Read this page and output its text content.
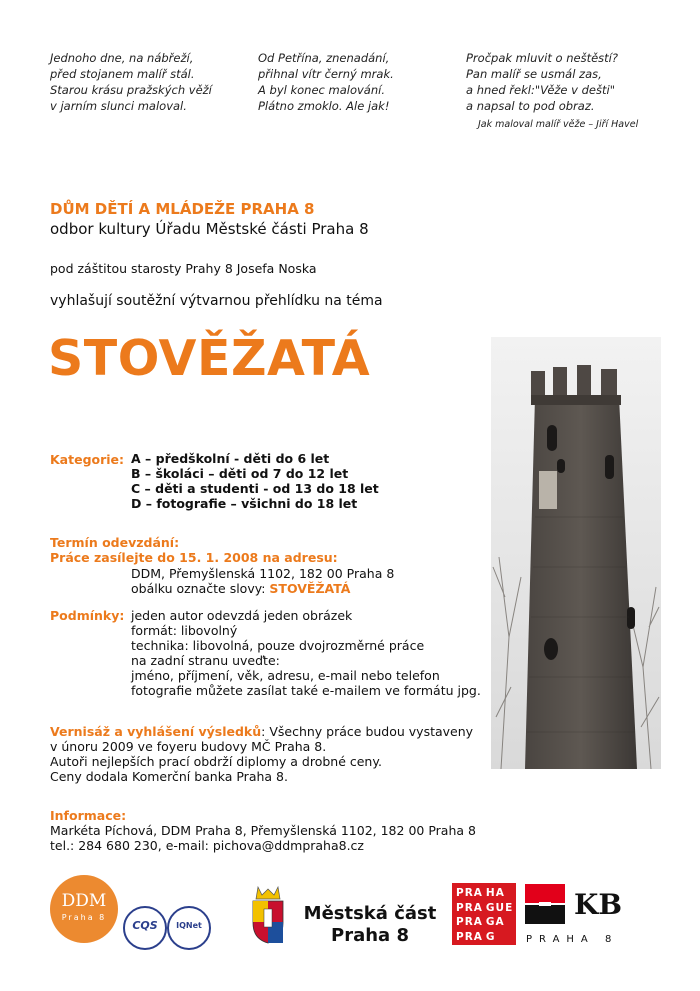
Jednoho dne, na nábřeží,
před stojanem malíř stál.
Starou krásu pražských věží
v jarním slunci maloval.
Od Petřína, znenadání,
přihnal vítr černý mrak.
A byl konec malování.
Plátno zmoklo. Ale jak!
Pročpak mluvit o neštěstí?
Pan malíř se usmál zas,
a hned řekl:"Věže v dešti"
a napsal to pod obraz.
Jak maloval malíř věže – Jiří Havel
DŮM DĚTÍ A MLÁDEŽE PRAHA 8
odbor kultury Úřadu Městské části Praha 8
pod záštitou starosty Prahy 8 Josefa Noska
vyhlašují soutěžní výtvarnou přehlídku na téma
STOVĚŽATÁ
Kategorie: A – předškolní - děti do 6 let
B – školáci – děti od 7 do 12 let
C – děti a studenti - od 13 do 18 let
D – fotografie – všichni do 18 let
Termín odevzdání:
Práce zasílejte do 15. 1. 2008 na adresu:
DDM, Přemyšlenská 1102, 182 00 Praha 8
obálku označte slovy: STOVĚŽATÁ
Podmínky: jeden autor odevzdá jeden obrázek
formát: libovolný
technika: libovolná, pouze dvojrozměrné práce
na zadní stranu uveďte:
jméno, příjmení, věk, adresu, e-mail nebo telefon
fotografie můžete zasílat také e-mailem ve formátu jpg.
Vernisáž a vyhlášení výsledků: Všechny práce budou vystaveny
v únoru 2009 ve foyeru budovy MČ Praha 8.
Autoři nejlepších prací obdrží diplomy a drobné ceny.
Ceny dodala Komerční banka Praha 8.
Informace:
Markéta Píchová, DDM Praha 8, Přemyšlenská 1102, 182 00 Praha 8
tel.: 284 680 230, e-mail: pichova@ddmpraha8.cz
DDM
Praha 8
CQS	IQNet
Městská část
Praha 8
PRA HA
PRA GUE
PRA GA
PRA G
KB
PRAHA 8
